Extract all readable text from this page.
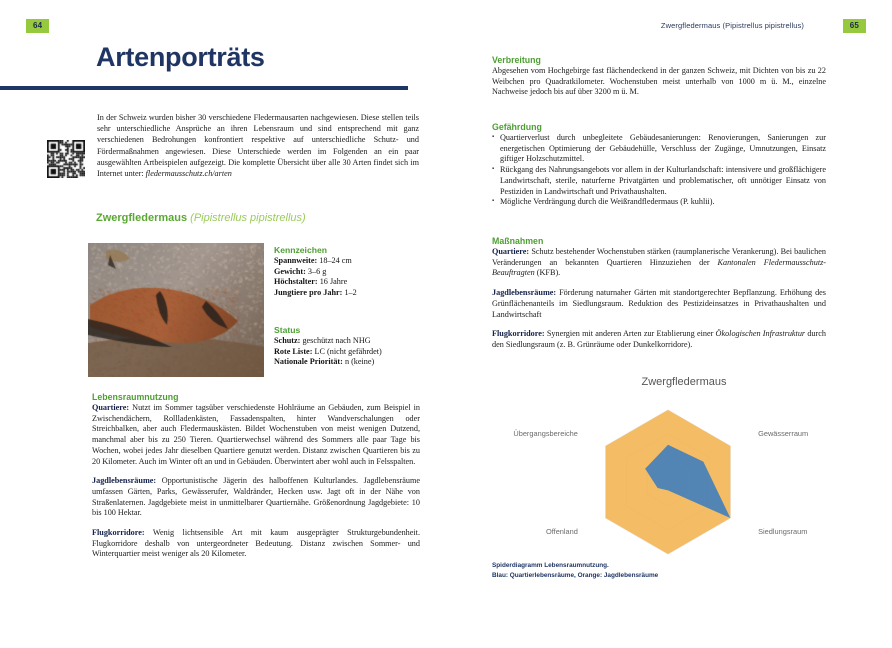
64
Artenporträts
In der Schweiz wurden bisher 30 verschiedene Fledermausarten nachgewiesen. Diese stellen teils sehr unterschiedliche Ansprüche an ihren Lebensraum und sind entsprechend mit ganz verschiedenen Bedrohungen konfrontiert respektive auf unterschiedliche Schutz- und Fördermaßnahmen angewiesen. Diese Unterschiede werden im Folgenden an ein paar ausgewählten Artbeispielen aufgezeigt. Die komplette Übersicht über alle 30 Arten findet sich im Internet unter: fledermausschutz.ch/arten
Zwergfledermaus (Pipistrellus pipistrellus)
Kennzeichen

Spannweite: 18–24 cm

Gewicht: 3–6 g

Höchstalter: 16 Jahre

Jungtiere pro Jahr: 1–2

Status

Schutz: geschützt nach NHG

Rote Liste: LC (nicht gefährdet)

Nationale Priorität: n (keine)

Lebensraumnutzung

Quartiere: Nutzt im Sommer tagsüber verschiedenste Hohlräume an Gebäuden, zum Beispiel in Zwischendächern, Rollladenkästen, Fassadenspalten, hinter Wandverschalungen oder Streichbalken, aber auch Fledermauskästen. Bildet Wochenstuben von meist wenigen Dutzend, manchmal aber bis zu 250 Tieren. Quartierwechsel während des Sommers alle paar Tage bis Wochen, wobei jedes Jahr dieselben Quartiere genutzt werden. Distanz zwischen Quartieren bis zu 20 Kilometer. Auch im Winter oft an und in Gebäuden. Überwintert aber wohl auch in Felsspalten.

Jagdlebensräume: Opportunistische Jägerin des halboffenen Kulturlandes. Jagdlebensräume umfassen Gärten, Parks, Gewässerufer, Waldränder, Hecken usw. Jagt oft in der Nähe von Straßenlaternen. Jagdgebiete meist in unmittelbarer Quartiernähe. Größenordnung Jagdgebiete: 10 bis 100 Hektar.

Flugkorridore: Wenig lichtsensible Art mit kaum ausgeprägter Strukturgebundenheit. Flugkorridore deshalb von untergeordneter Bedeutung. Distanz zwischen Sommer- und Winterquartier meist weniger als 20 Kilometer.

Zwergfledermaus (Pipistrellus pipistrellus)	65
Verbreitung

Abgesehen vom Hochgebirge fast flächendeckend in der ganzen Schweiz, mit Dichten von bis zu 22 Weibchen pro Quadratkilometer. Wochenstuben meist unterhalb von 1000 m ü. M., einzelne Nachweise jedoch bis auf über 3200 m ü. M.

Gefährdung
▪ Quartierverlust durch unbegleitete Gebäudesanierungen: Renovierungen, Sanierungen zur energetischen Optimierung der Gebäudehülle, Verschluss der Zugänge, Umnutzungen, Einsatz giftiger Holzschutzmittel.
▪ Rückgang des Nahrungsangebots vor allem in der Kulturlandschaft: intensivere und großflächigere Landwirtschaft, sterile, naturferne Privatgärten und problematischer, oft unnötiger Einsatz von Pestiziden in Landwirtschaft und Privathaushalten.
▪ Mögliche Verdrängung durch die Weißrandfledermaus (P. kuhlii).
Maßnahmen

Quartiere: Schutz bestehender Wochenstuben stärken (raumplanerische Verankerung). Bei baulichen Veränderungen an bekannten Quartieren Hinzuziehen der Kantonalen Fledermausschutz-Beauftragten (KFB).

Jagdlebensräume: Förderung naturnaher Gärten mit standortgerechter Bepflanzung. Erhöhung des Grünflächenanteils im Siedlungsraum. Reduktion des Pestizideinsatzes in Privathaushalten und Landwirtschaft

Flugkorridore: Synergien mit anderen Arten zur Etablierung einer Ökologischen Infrastruktur durch den Siedlungsraum (z. B. Grünräume oder Dunkelkorridore).

Zwergfledermaus
Gewässerraum
Siedlungsraum
Offenland
Übergangsbereiche
Spiderdiagramm Lebensraumnutzung.
Blau: Quartierlebensräume, Orange: Jagdlebensräume
